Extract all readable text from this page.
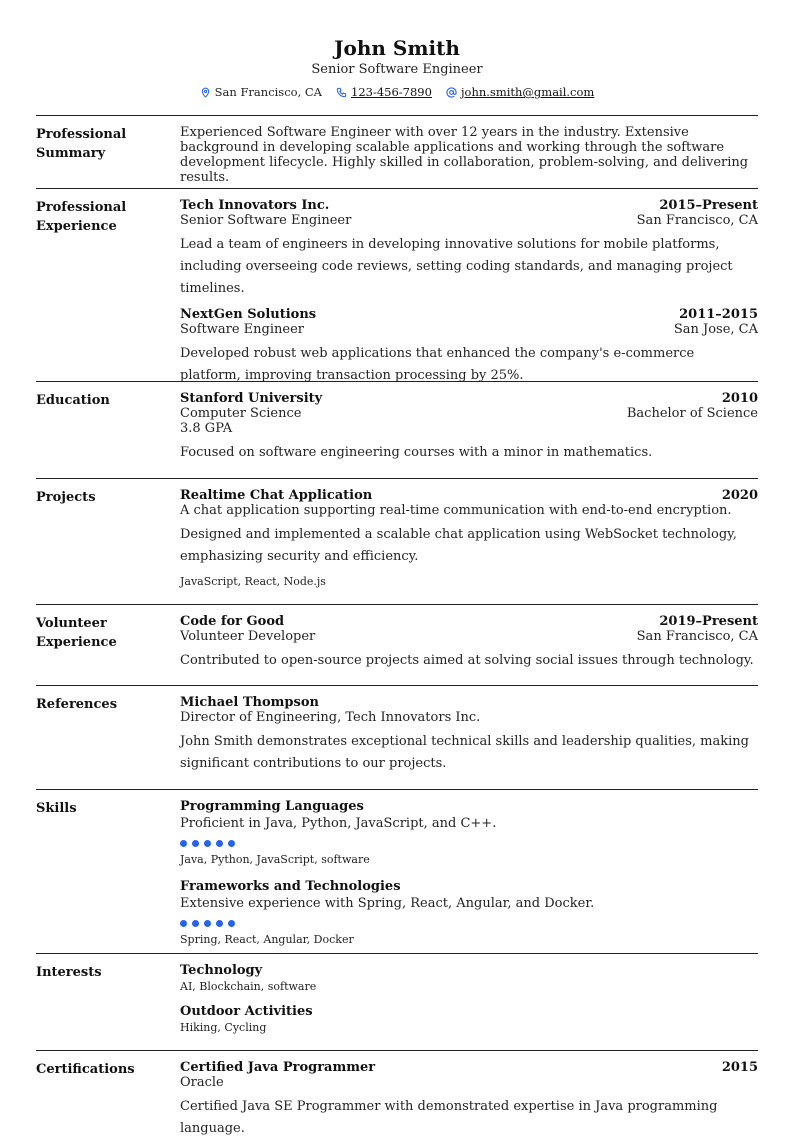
John Smith
Senior Software Engineer
San Francisco, CA	123-456-7890	john.smith@gmail.com
Professional Summary
Experienced Software Engineer with over 12 years in the industry. Extensive background in developing scalable applications and working through the software development lifecycle. Highly skilled in collaboration, problem-solving, and delivering results.
Professional Experience
Tech Innovators Inc.	2015–Present
Senior Software Engineer	San Francisco, CA
Lead a team of engineers in developing innovative solutions for mobile platforms, including overseeing code reviews, setting coding standards, and managing project timelines.
NextGen Solutions	2011–2015
Software Engineer	San Jose, CA
Developed robust web applications that enhanced the company's e-commerce platform, improving transaction processing by 25%.
Education	Stanford University	2010
Computer Science	Bachelor of Science
3.8 GPA
Focused on software engineering courses with a minor in mathematics.
Projects	Realtime Chat Application	2020
A chat application supporting real-time communication with end-to-end encryption.
Designed and implemented a scalable chat application using WebSocket technology, emphasizing security and efficiency.
JavaScript, React, Node.js
Volunteer Experience
Code for Good	2019–Present
Volunteer Developer	San Francisco, CA
Contributed to open-source projects aimed at solving social issues through technology.
References	Michael Thompson
Director of Engineering, Tech Innovators Inc.
John Smith demonstrates exceptional technical skills and leadership qualities, making significant contributions to our projects.
Skills	Programming Languages
Proficient in Java, Python, JavaScript, and C++.
Java, Python, JavaScript, software
Frameworks and Technologies
Extensive experience with Spring, React, Angular, and Docker.
Spring, React, Angular, Docker
Interests	Technology
AI, Blockchain, software
Outdoor Activities
Hiking, Cycling
Certifications	Certified Java Programmer	2015
Oracle
Certified Java SE Programmer with demonstrated expertise in Java programming language.
